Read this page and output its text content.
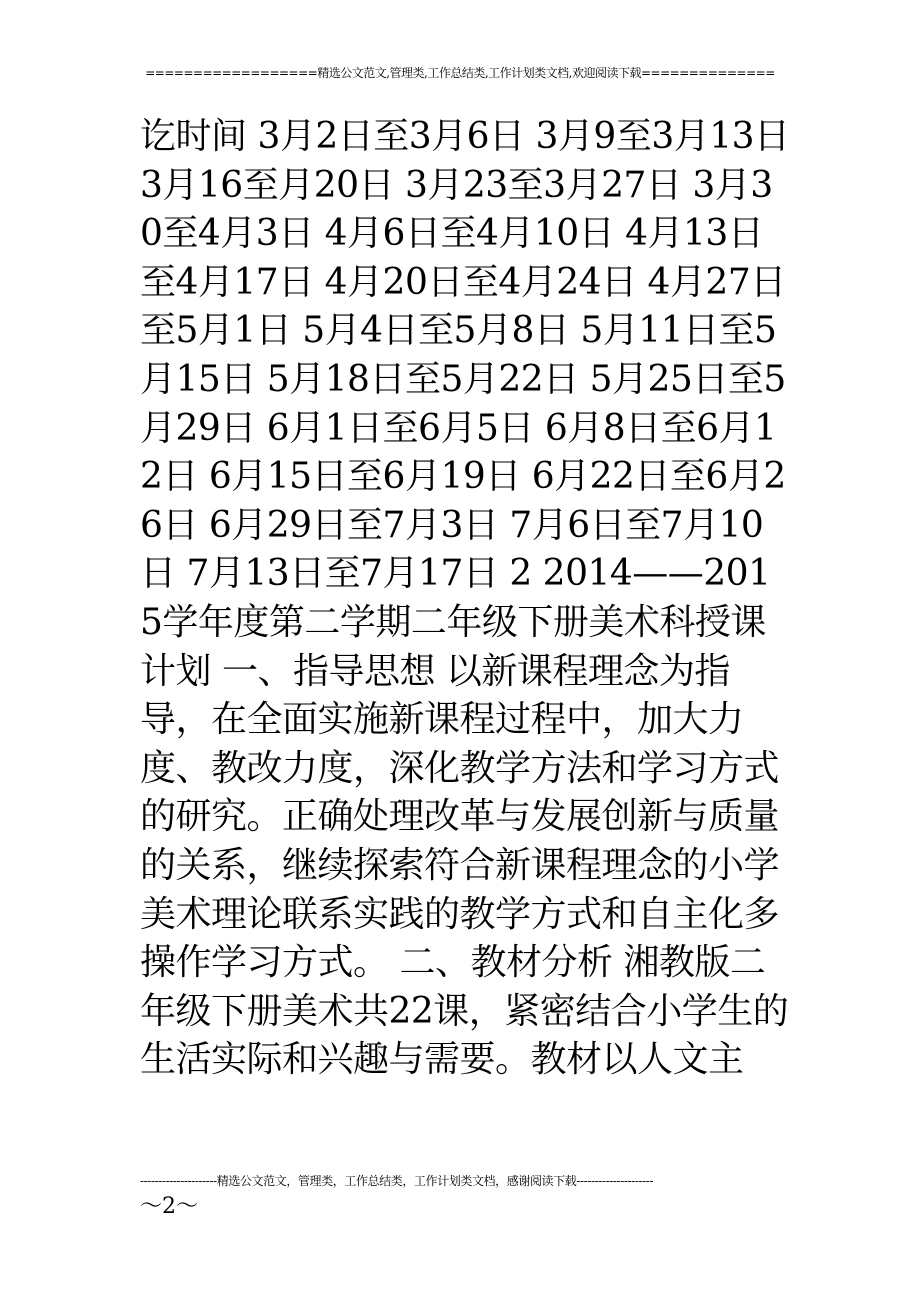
==================精选公文范文,管理类,工作总结类,工作计划类文档,欢迎阅读下载==============
讫时间 3月2日至3月6日 3月9至3月13日 3月16至月20日 3月23至3月27日 3月30至4月3日 4月6日至4月10日 4月13日至4月17日 4月20日至4月24日 4月27日至5月1日 5月4日至5月8日 5月11日至5月15日 5月18日至5月22日 5月25日至5月29日 6月1日至6月5日 6月8日至6月12日 6月15日至6月19日 6月22日至6月26日 6月29日至7月3日 7月6日至7月10日 7月13日至7月17日 2 2014——2015学年度第二学期二年级下册美术科授课计划 一、指导思想 以新课程理念为指导，在全面实施新课程过程中，加大力度、教改力度，深化教学方法和学习方式的研究。正确处理改革与发展创新与质量的关系，继续探索符合新课程理念的小学美术理论联系实践的教学方式和自主化多操作学习方式。 二、教材分析 湘教版二年级下册美术共22课，紧密结合小学生的生活实际和兴趣与需要。教材以人文主
---------------------精选公文范文，管理类，工作总结类，工作计划类文档，感谢阅读下载---------------------
～2～
